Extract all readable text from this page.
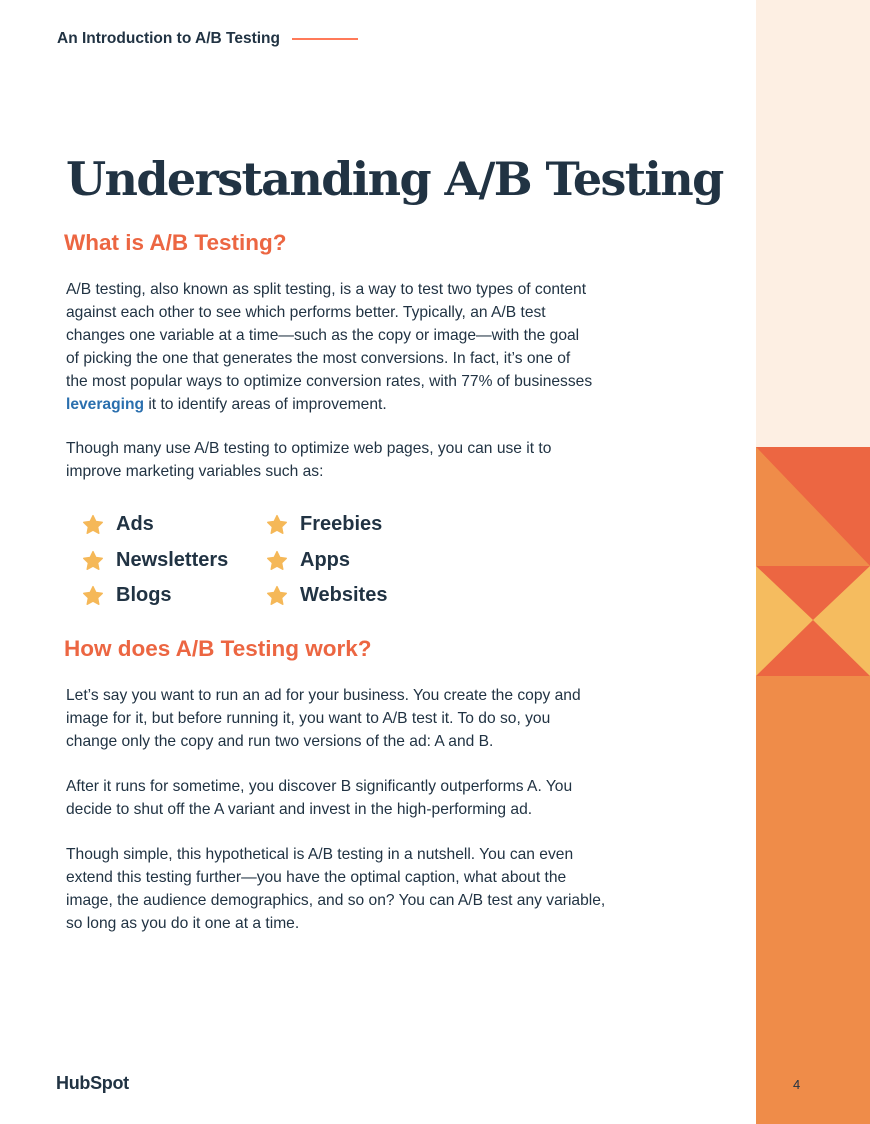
An Introduction to A/B Testing
Understanding A/B Testing
What is A/B Testing?

A/B testing, also known as split testing, is a way to test two types of content
against each other to see which performs better. Typically, an A/B test
changes one variable at a time—such as the copy or image—with the goal
of picking the one that generates the most conversions. In fact, it’s one of
the most popular ways to optimize conversion rates, with 77% of businesses
leveraging it to identify areas of improvement.

Though many use A/B testing to optimize web pages, you can use it to
improve marketing variables such as:

Ads	Freebies
Newsletters	Apps
Blogs	Websites
How does A/B Testing work?

Let’s say you want to run an ad for your business. You create the copy and
image for it, but before running it, you want to A/B test it. To do so, you
change only the copy and run two versions of the ad: A and B.

After it runs for sometime, you discover B significantly outperforms A. You
decide to shut off the A variant and invest in the high-performing ad.

Though simple, this hypothetical is A/B testing in a nutshell. You can even
extend this testing further—you have the optimal caption, what about the
image, the audience demographics, and so on? You can A/B test any variable,
so long as you do it one at a time.

HubSpot	4
